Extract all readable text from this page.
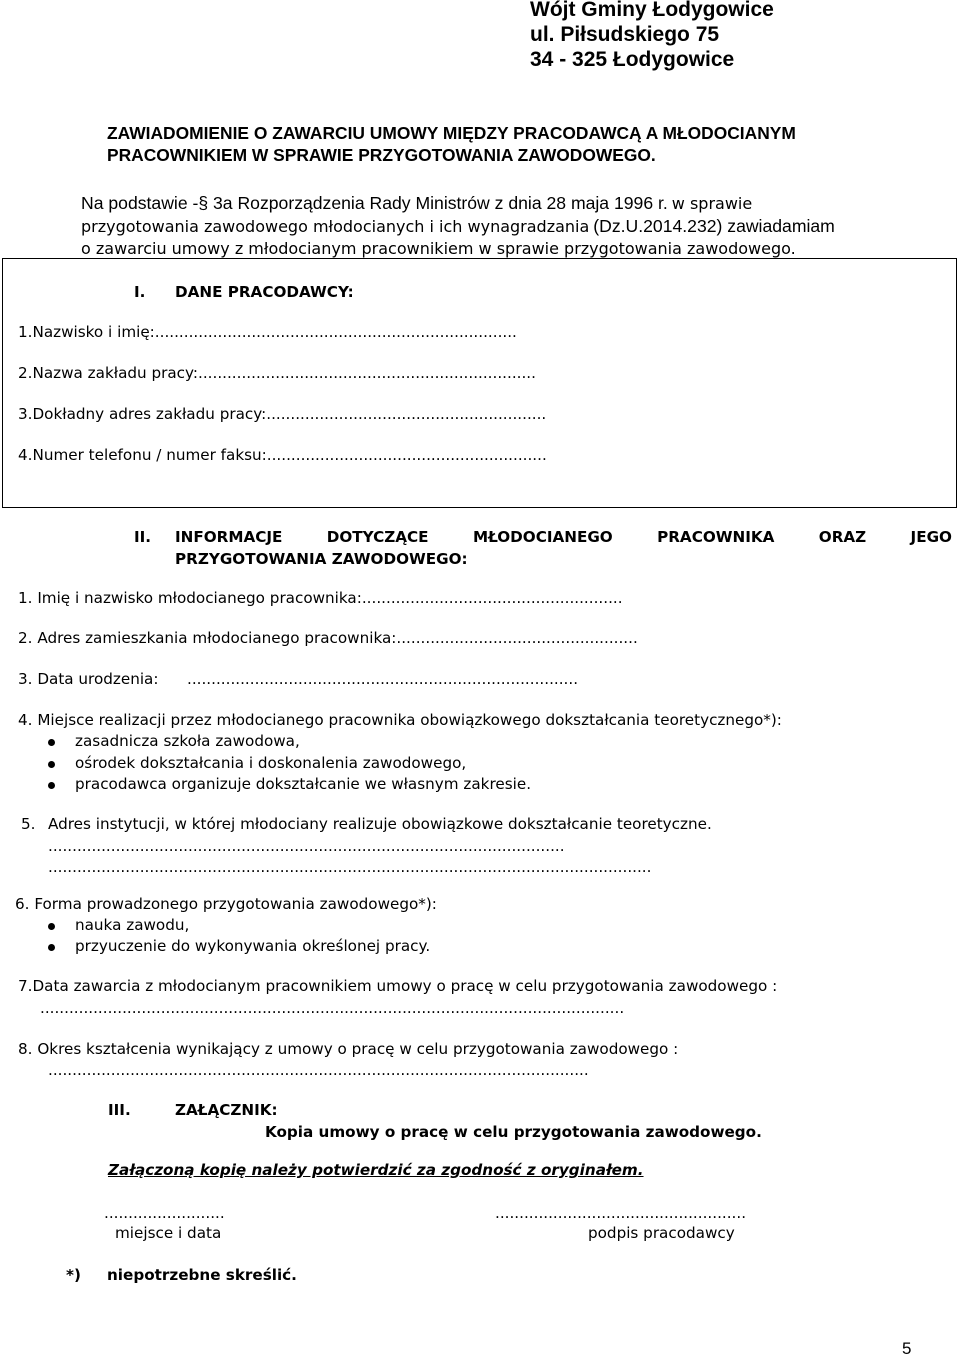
Wójt Gminy Łodygowice
ul. Piłsudskiego 75
34 - 325 Łodygowice
ZAWIADOMIENIE O ZAWARCIU UMOWY MIĘDZY PRACODAWCĄ A MŁODOCIANYM
PRACOWNIKIEM W SPRAWIE PRZYGOTOWANIA ZAWODOWEGO.
Na podstawie -§ 3a Rozporządzenia Rady Ministrów z dnia 28 maja 1996 r. w sprawie
przygotowania zawodowego młodocianych i ich wynagradzania (Dz.U.2014.232) zawiadamiam
o zawarciu umowy z młodocianym pracownikiem w sprawie przygotowania zawodowego.
I. DANE PRACODAWCY:
1.Nazwisko i imię:...........................................................................
2.Nazwa zakładu pracy:......................................................................
3.Dokładny adres zakładu pracy:..........................................................
4.Numer telefonu / numer faksu:..........................................................
II. INFORMACJE	DOTYCZĄCE	MŁODOCIANEGO	PRACOWNIKA	ORAZ	JEGO
PRZYGOTOWANIA ZAWODOWEGO:
1. Imię i nazwisko młodocianego pracownika:......................................................
2. Adres zamieszkania młodocianego pracownika:..................................................
3. Data urodzenia: .................................................................................
4. Miejsce realizacji przez młodocianego pracownika obowiązkowego dokształcania teoretycznego*):
zasadnicza szkoła zawodowa,
ośrodek dokształcania i doskonalenia zawodowego,
pracodawca organizuje dokształcanie we własnym zakresie.
5. Adres instytucji, w której młodociany realizuje obowiązkowe dokształcanie teoretyczne.
...........................................................................................................
.............................................................................................................................
6. Forma prowadzonego przygotowania zawodowego*):
nauka zawodu,
przyuczenie do wykonywania określonej pracy.
7.Data zawarcia z młodocianym pracownikiem umowy o pracę w celu przygotowania zawodowego :
.........................................................................................................................
8. Okres kształcenia wynikający z umowy o pracę w celu przygotowania zawodowego :
................................................................................................................
III.	ZAŁĄCZNIK:
Kopia umowy o pracę w celu przygotowania zawodowego.
Załączoną kopię należy potwierdzić za zgodność z oryginałem.
.........................
miejsce i data
....................................................
podpis pracodawcy
*) niepotrzebne skreślić.
5
